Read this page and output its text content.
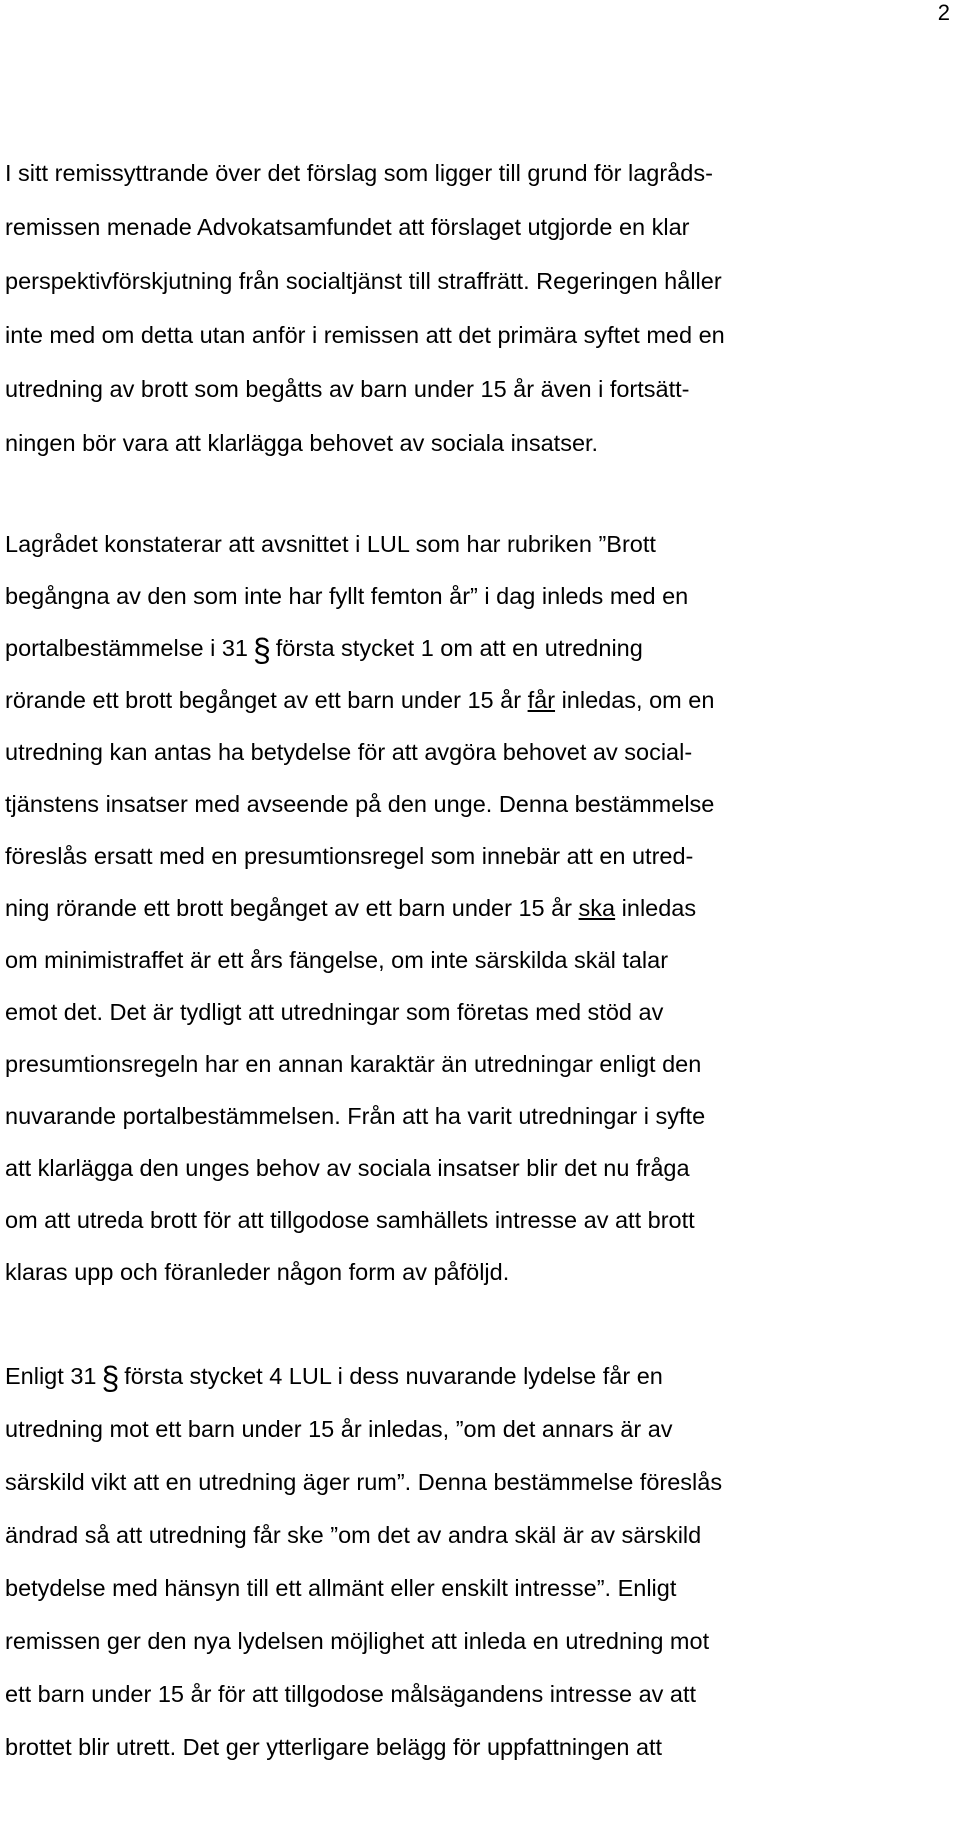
2
I sitt remissyttrande över det förslag som ligger till grund för lagråds-
remissen menade Advokatsamfundet att förslaget utgjorde en klar
perspektivförskjutning från socialtjänst till straffrätt. Regeringen håller
inte med om detta utan anför i remissen att det primära syftet med en
utredning av brott som begåtts av barn under 15 år även i fortsätt-
ningen bör vara att klarlägga behovet av sociala insatser.
Lagrådet konstaterar att avsnittet i LUL som har rubriken ”Brott
begångna av den som inte har fyllt femton år” i dag inleds med en
portalbestämmelse i 31 § första stycket 1 om att en utredning
rörande ett brott begånget av ett barn under 15 år får inledas, om en
utredning kan antas ha betydelse för att avgöra behovet av social-
tjänstens insatser med avseende på den unge. Denna bestämmelse
föreslås ersatt med en presumtionsregel som innebär att en utred-
ning rörande ett brott begånget av ett barn under 15 år ska inledas
om minimistraffet är ett års fängelse, om inte särskilda skäl talar
emot det. Det är tydligt att utredningar som företas med stöd av
presumtionsregeln har en annan karaktär än utredningar enligt den
nuvarande portalbestämmelsen. Från att ha varit utredningar i syfte
att klarlägga den unges behov av sociala insatser blir det nu fråga
om att utreda brott för att tillgodose samhällets intresse av att brott
klaras upp och föranleder någon form av påföljd.
Enligt 31 § första stycket 4 LUL i dess nuvarande lydelse får en
utredning mot ett barn under 15 år inledas, ”om det annars är av
särskild vikt att en utredning äger rum”. Denna bestämmelse föreslås
ändrad så att utredning får ske ”om det av andra skäl är av särskild
betydelse med hänsyn till ett allmänt eller enskilt intresse”. Enligt
remissen ger den nya lydelsen möjlighet att inleda en utredning mot
ett barn under 15 år för att tillgodose målsägandens intresse av att
brottet blir utrett. Det ger ytterligare belägg för uppfattningen att
